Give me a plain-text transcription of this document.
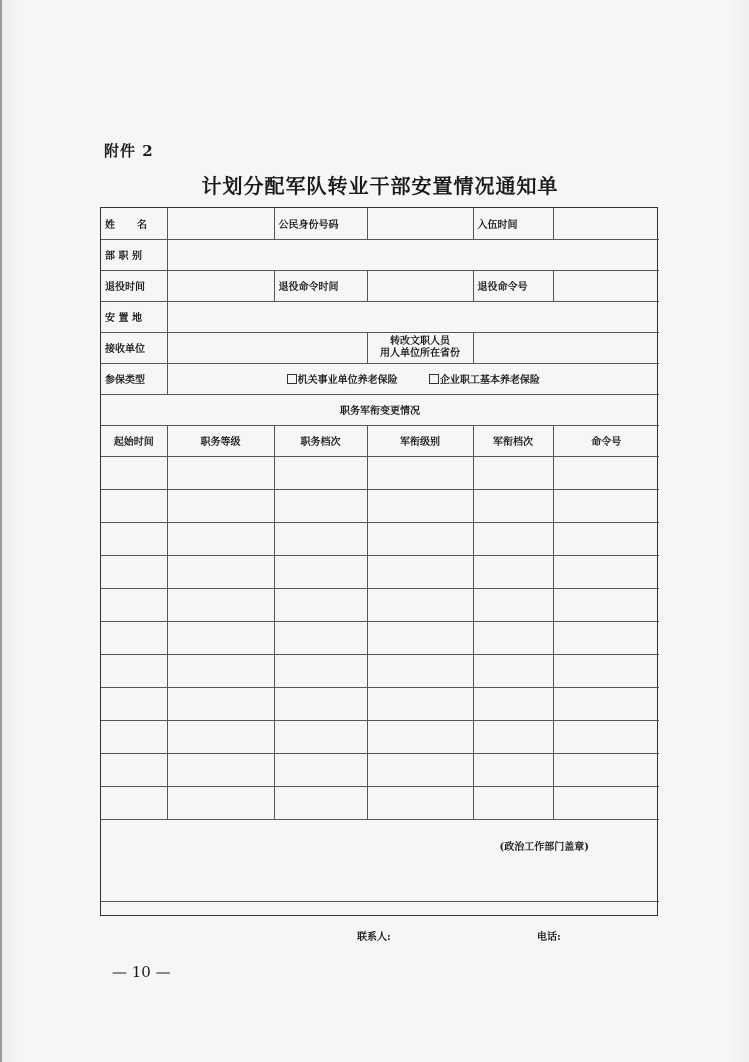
附件 2
计划分配军队转业干部安置情况通知单
姓　名		公民身份号码		入伍时间	
部 职 别					
退役时间		退役命令时间		退役命令号	
安 置 地					
接收单位			转改文职人员
用人单位所在省份		

参保类型	机关事业单位养老保险 企业职工基本养老保险				
职务军衔变更情况					
起始时间	职务等级	职务档次	军衔级别	军衔档次	命令号

(政治工作部门盖章)					
联系人:	电话:
— 10 —
